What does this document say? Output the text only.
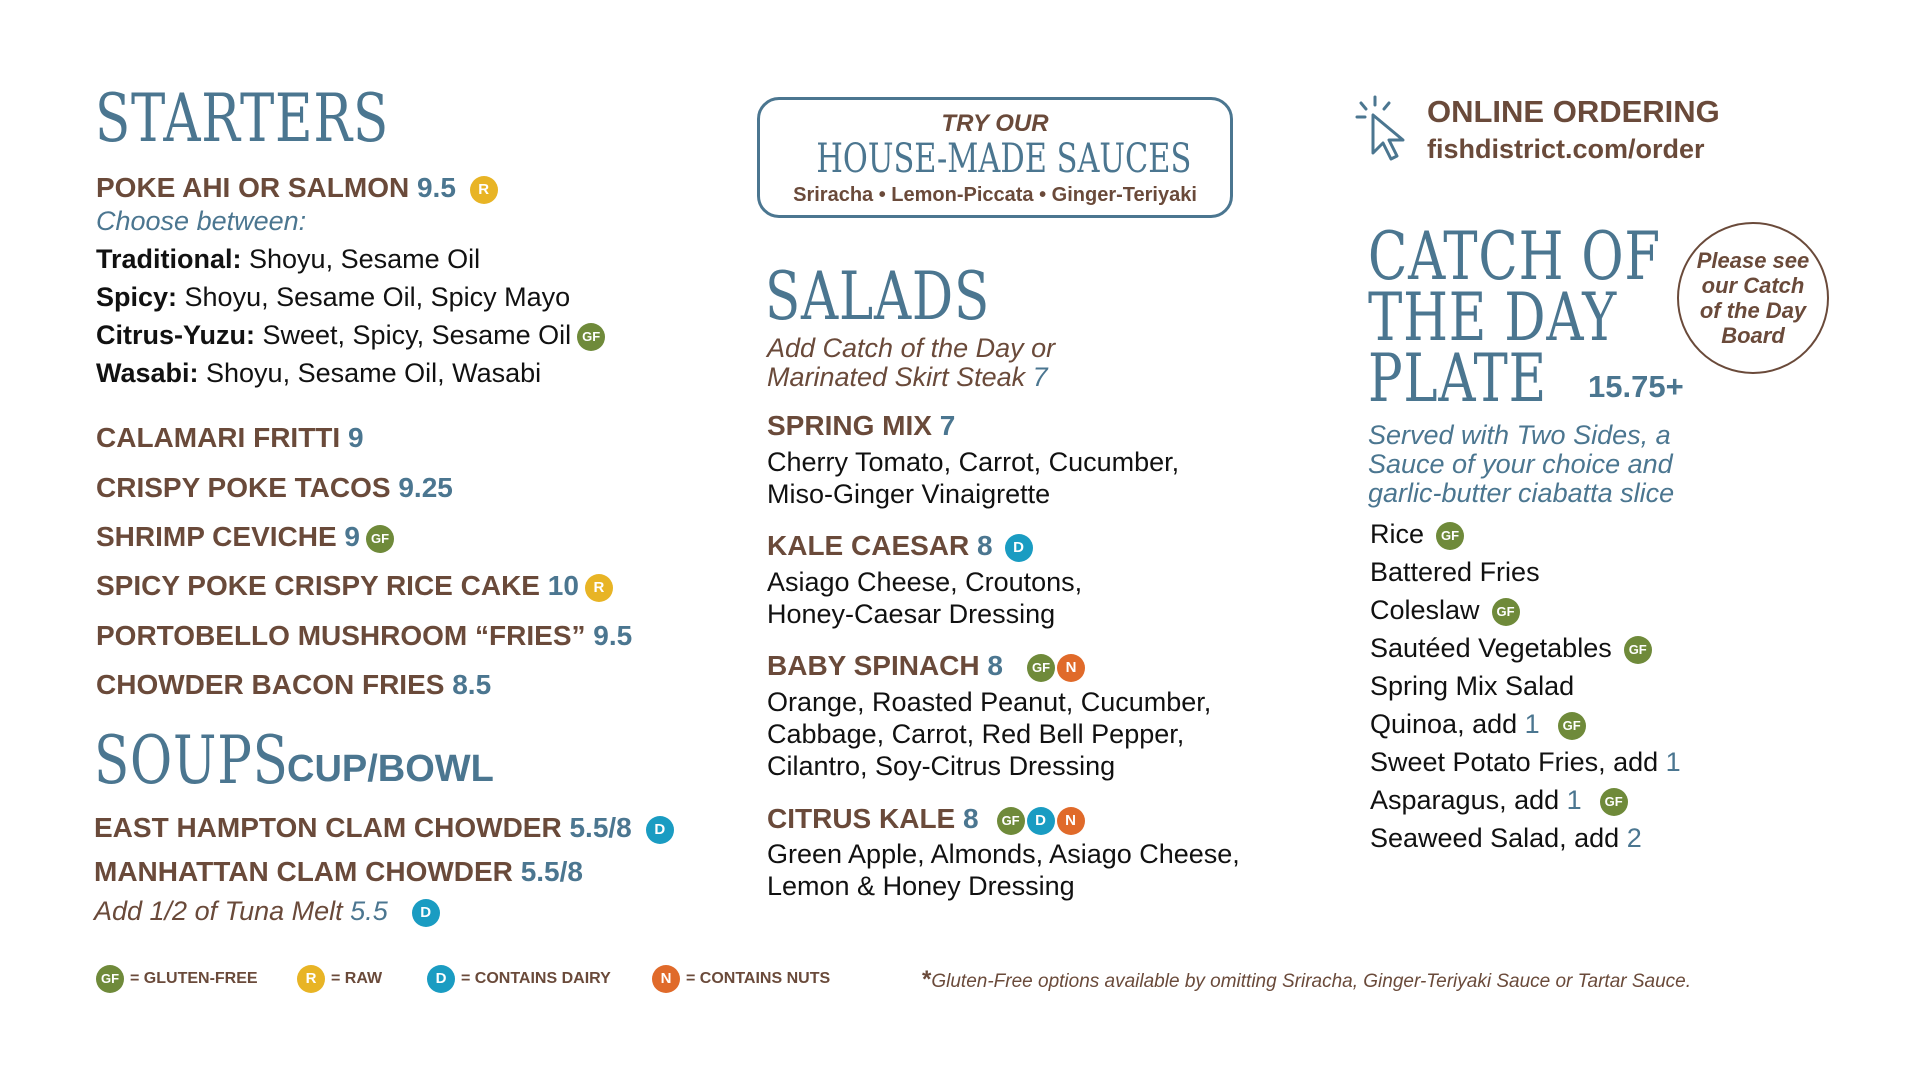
STARTERS
POKE AHI OR SALMON 9.5 R
Choose between:
Traditional: Shoyu, Sesame Oil
Spicy: Shoyu, Sesame Oil, Spicy Mayo
Citrus-Yuzu: Sweet, Spicy, Sesame Oil GF
Wasabi: Shoyu, Sesame Oil, Wasabi
CALAMARI FRITTI 9
CRISPY POKE TACOS 9.25
SHRIMP CEVICHE 9 GF
SPICY POKE CRISPY RICE CAKE 10 R
PORTOBELLO MUSHROOM “FRIES” 9.5
CHOWDER BACON FRIES 8.5
SOUPS
CUP/BOWL
EAST HAMPTON CLAM CHOWDER 5.5/8 D
MANHATTAN CLAM CHOWDER 5.5/8
Add 1/2 of Tuna Melt 5.5 D
TRY OUR
HOUSE-MADE SAUCES
Sriracha • Lemon-Piccata • Ginger-Teriyaki
SALADS
Add Catch of the Day or
Marinated Skirt Steak 7
SPRING MIX 7
Cherry Tomato, Carrot, Cucumber,
Miso-Ginger Vinaigrette
KALE CAESAR 8 D
Asiago Cheese, Croutons,
Honey-Caesar Dressing
BABY SPINACH 8 GF N
Orange, Roasted Peanut, Cucumber,
Cabbage, Carrot, Red Bell Pepper,
Cilantro, Soy-Citrus Dressing
CITRUS KALE 8 GF D N
Green Apple, Almonds, Asiago Cheese,
Lemon & Honey Dressing
ONLINE ORDERING
fishdistrict.com/order
CATCH OF
THE DAY
PLATE 15.75+
Please see
our Catch
of the Day
Board
Served with Two Sides, a
Sauce of your choice and
garlic-butter ciabatta slice
Rice GF
Battered Fries
Coleslaw GF
Sautéed Vegetables GF
Spring Mix Salad
Quinoa, add 1 GF
Sweet Potato Fries, add 1
Asparagus, add 1 GF
Seaweed Salad, add 2
GF = GLUTEN-FREE	R = RAW	D = CONTAINS DAIRY	N = CONTAINS NUTS	*Gluten-Free options available by omitting Sriracha, Ginger-Teriyaki Sauce or Tartar Sauce.
